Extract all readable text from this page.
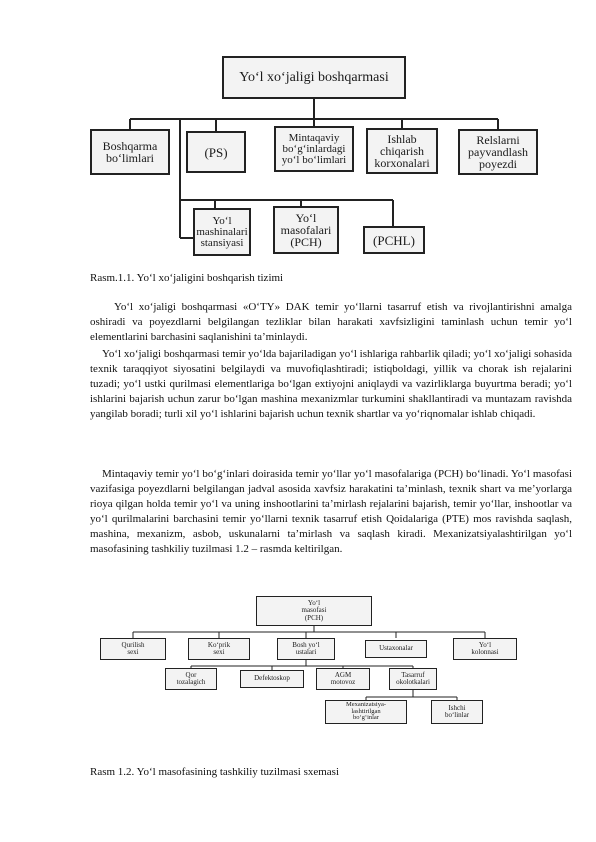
Yo‘l xo‘jaligi boshqarmasi
Boshqarma
bo‘limlari	(PS)
Mintaqaviy
bo‘g‘inlardagi
yo‘l bo‘limlari
Ishlab
chiqarish
korxonalari
Relslarni
payvandlash
poyezdi
Yo‘l
mashinalari
stansiyasi
Yo‘l
masofalari
(PCH)	(PCHL)
Rasm.1.1. Yo‘l xo‘jaligini boshqarish tizimi

Yo‘l xo‘jaligi boshqarmasi «O‘TY» DAK temir yo‘llarni tasarruf etish va rivojlantirishni amalga oshiradi va poyezdlarni belgilangan tezliklar bilan harakati xavfsizligini taminlash uchun temir yo‘l elementlarini barchasini saqlanishini ta’minlaydi.

Yo‘l xo‘jaligi boshqarmasi temir yo‘lda bajariladigan yo‘l ishlariga rahbarlik qiladi; yo‘l xo‘jaligi sohasida texnik taraqqiyot siyosatini belgilaydi va muvofiqlashtiradi; istiqboldagi, yillik va chorak ish rejalarini tuzadi; yo‘l ustki qurilmasi elementlariga bo‘lgan extiyojni aniqlaydi va vazirliklarga buyurtma beradi; yo‘l ishlarini bajarish uchun zarur bo‘lgan mashina mexanizmlar turkumini shakllantiradi va muntazam ravishda yangilab boradi; turli xil yo‘l ishlarini bajarish uchun texnik shartlar va yo‘riqnomalar ishlab chiqadi.

Mintaqaviy temir yo‘l bo‘g‘inlari doirasida temir yo‘llar yo‘l masofalariga (PCH) bo‘linadi. Yo‘l masofasi vazifasiga poyezdlarni belgilangan jadval asosida xavfsiz harakatini ta’minlash, texnik shart va me’yorlarga rioya qilgan holda temir yo‘l va uning inshootlarini ta’mirlash rejalarini bajarish, temir yo‘llar, inshootlar va yo‘l qurilmalarini barchasini temir yo‘llarni texnik tasarruf etish Qoidalariga (PTE) mos ravishda saqlash, mashina, mexanizm, asbob, uskunalarni ta’mirlash va saqlash kiradi. Mexanizatsiyalashtirilgan yo‘l masofasining tashkiliy tuzilmasi 1.2 – rasmda keltirilgan.

Yo‘l
masofasi
(PCH)
Qurilish
sexi
Ko‘prik
sexi
Bosh yo‘l
ustalari	Ustaxonalar	Yo‘l
kolonnasi
Qor
tozalagich	Defektoskop	AGM
motovoz
Tasarruf
okolotkalari
Mexanizatsiya-
lashtirilgan
bo‘g‘inlar
Ishchi
bo‘linlar
Rasm 1.2. Yo‘l masofasining tashkiliy tuzilmasi sxemasi
